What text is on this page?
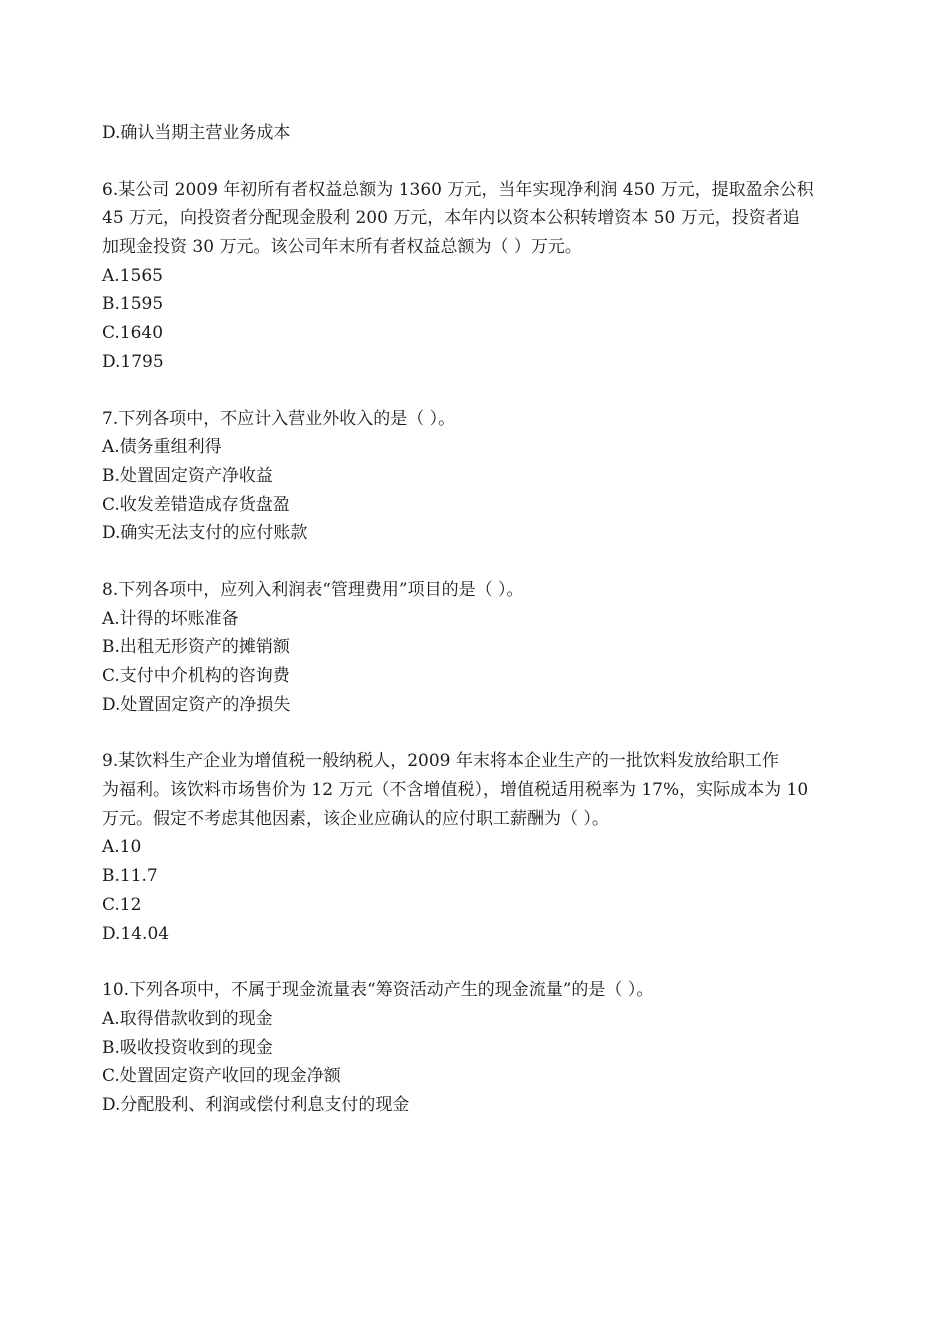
D.确认当期主营业务成本
6.某公司 2009 年初所有者权益总额为 1360 万元，当年实现净利润 450 万元，提取盈余公积
45 万元，向投资者分配现金股利 200 万元，本年内以资本公积转增资本 50 万元，投资者追
加现金投资 30 万元。该公司年末所有者权益总额为（ ）万元。
A.1565
B.1595
C.1640
D.1795
7.下列各项中，不应计入营业外收入的是（ ）。
A.债务重组利得
B.处置固定资产净收益
C.收发差错造成存货盘盈
D.确实无法支付的应付账款
8.下列各项中，应列入利润表“管理费用”项目的是（ ）。
A.计得的坏账准备
B.出租无形资产的摊销额
C.支付中介机构的咨询费
D.处置固定资产的净损失
9.某饮料生产企业为增值税一般纳税人，2009 年末将本企业生产的一批饮料发放给职工作
为福利。该饮料市场售价为 12 万元（不含增值税），增值税适用税率为 17%，实际成本为 10
万元。假定不考虑其他因素，该企业应确认的应付职工薪酬为（ ）。
A.10
B.11.7
C.12
D.14.04
10.下列各项中，不属于现金流量表“筹资活动产生的现金流量”的是（ ）。
A.取得借款收到的现金
B.吸收投资收到的现金
C.处置固定资产收回的现金净额
D.分配股利、利润或偿付利息支付的现金
